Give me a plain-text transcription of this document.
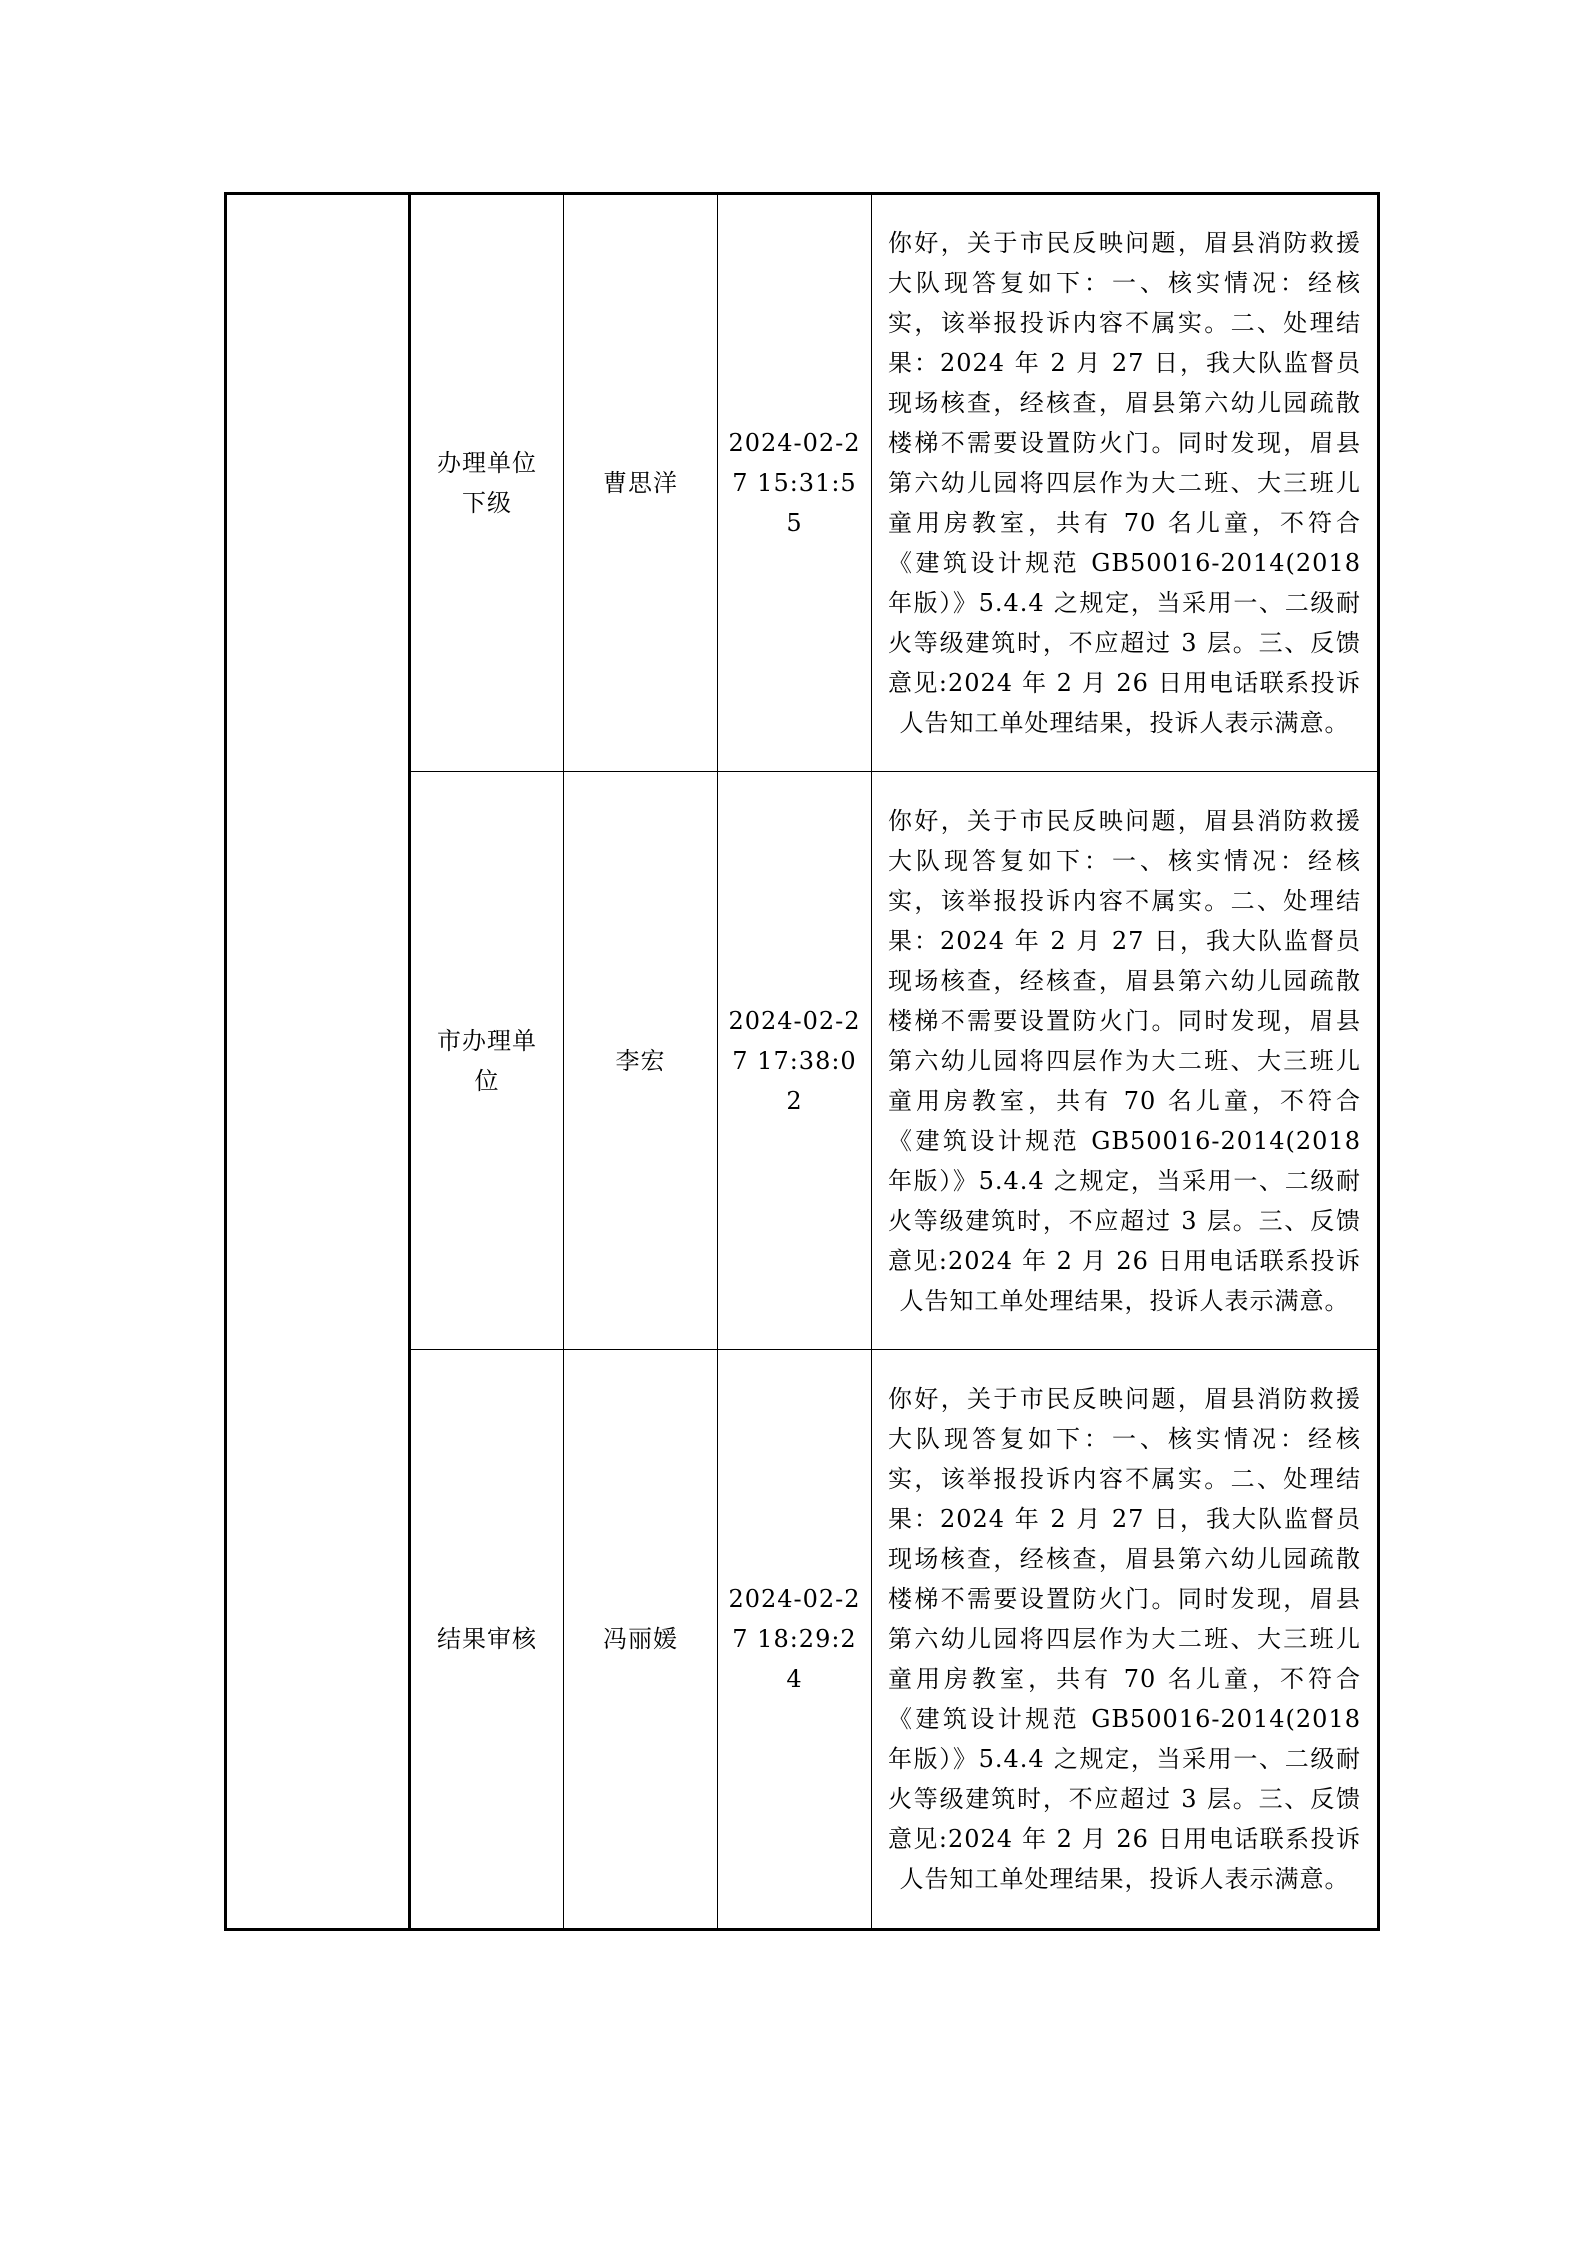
	办理单位下级	曹思洋	2024-02-27 15:31:55	你好，关于市民反映问题，眉县消防救援大队现答复如下：一、核实情况：经核实，该举报投诉内容不属实。二、处理结果：2024 年 2 月 27 日，我大队监督员现场核查，经核查，眉县第六幼儿园疏散楼梯不需要设置防火门。同时发现，眉县第六幼儿园将四层作为大二班、大三班儿童用房教室，共有 70 名儿童，不符合《建筑设计规范 GB50016-2014(2018 年版）》5.4.4 之规定，当采用一、二级耐火等级建筑时，不应超过 3 层。三、反馈意见:2024 年 2 月 26 日用电话联系投诉人告知工单处理结果，投诉人表示满意。

	市办理单位	李宏	2024-02-27 17:38:02	你好，关于市民反映问题，眉县消防救援大队现答复如下：一、核实情况：经核实，该举报投诉内容不属实。二、处理结果：2024 年 2 月 27 日，我大队监督员现场核查，经核查，眉县第六幼儿园疏散楼梯不需要设置防火门。同时发现，眉县第六幼儿园将四层作为大二班、大三班儿童用房教室，共有 70 名儿童，不符合《建筑设计规范 GB50016-2014(2018 年版）》5.4.4 之规定，当采用一、二级耐火等级建筑时，不应超过 3 层。三、反馈意见:2024 年 2 月 26 日用电话联系投诉人告知工单处理结果，投诉人表示满意。

	结果审核	冯丽媛	2024-02-27 18:29:24	你好，关于市民反映问题，眉县消防救援大队现答复如下：一、核实情况：经核实，该举报投诉内容不属实。二、处理结果：2024 年 2 月 27 日，我大队监督员现场核查，经核查，眉县第六幼儿园疏散楼梯不需要设置防火门。同时发现，眉县第六幼儿园将四层作为大二班、大三班儿童用房教室，共有 70 名儿童，不符合《建筑设计规范 GB50016-2014(2018 年版）》5.4.4 之规定，当采用一、二级耐火等级建筑时，不应超过 3 层。三、反馈意见:2024 年 2 月 26 日用电话联系投诉人告知工单处理结果，投诉人表示满意。
